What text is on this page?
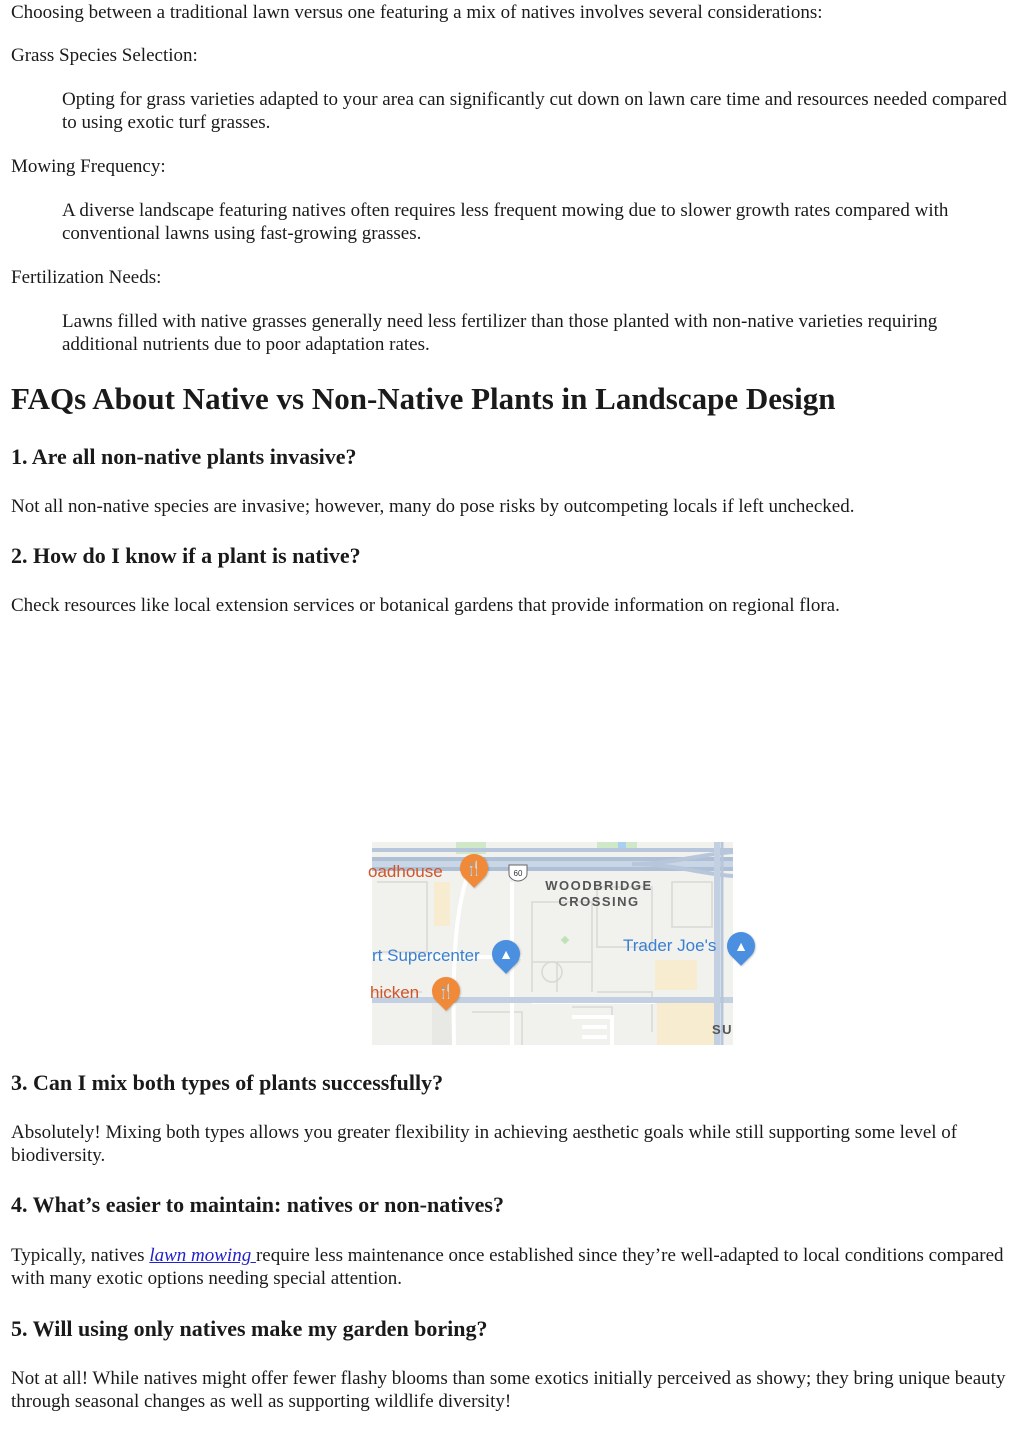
Choosing between a traditional lawn versus one featuring a mix of natives involves several considerations:

Grass Species Selection:

Opting for grass varieties adapted to your area can significantly cut down on lawn care time and resources needed compared to using exotic turf grasses.

Mowing Frequency:

A diverse landscape featuring natives often requires less frequent mowing due to slower growth rates compared with conventional lawns using fast-growing grasses.

Fertilization Needs:

Lawns filled with native grasses generally need less fertilizer than those planted with non-native varieties requiring additional nutrients due to poor adaptation rates.

FAQs About Native vs Non-Native Plants in Landscape Design
1. Are all non-native plants invasive?

Not all non-native species are invasive; however, many do pose risks by outcompeting locals if left unchecked.

2. How do I know if a plant is native?

Check resources like local extension services or botanical gardens that provide information on regional flora.

3. Can I mix both types of plants successfully?

Absolutely! Mixing both types allows you greater flexibility in achieving aesthetic goals while still supporting some level of biodiversity.

4. What’s easier to maintain: natives or non-natives?

Typically, natives lawn mowing require less maintenance once established since they’re well-adapted to local conditions compared with many exotic options needing special attention.

5. Will using only natives make my garden boring?

Not at all! While natives might offer fewer flashy blooms than some exotics initially perceived as showy; they bring unique beauty through seasonal changes as well as supporting wildlife diversity!

oadhouse	🍴	60
WOODBRIDGE CROSSING
Trader Joe's	▲
rt Supercenter	▲
hicken	🍴
SU
